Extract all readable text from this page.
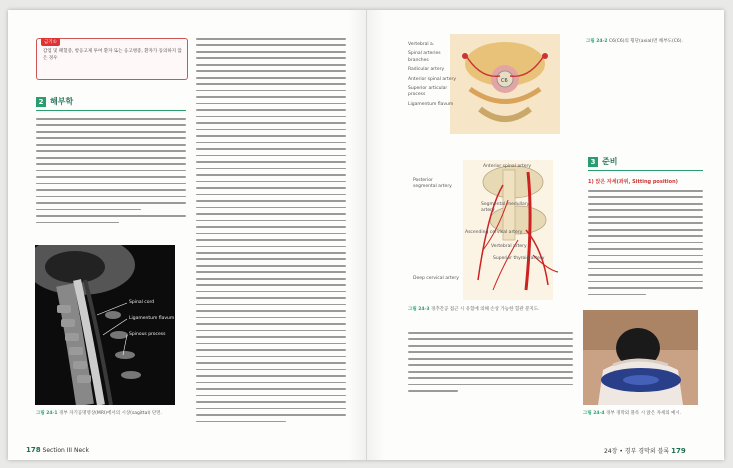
금기①
감염 및 패혈증, 항응고제 투여 환자 또는 응고병증, 환자가 동의하지 않은 경우
2 해부학
Spinal cord
Ligamentum flavum
Spinous process
그림 24-1 경부 자기공명영상(MRI)에서의 시상(sagittal) 단면.
178 Section III Neck
C6
Vertebral a.
Spinal arteries branches
Radicular artery
Anterior spinal artery
Superior articular process
Ligamentum flavum
그림 24-2 C6(C6)의 횡단(axial)면 해부도(C6).
Anterior spinal artery
Posterior segmental artery
Segmental medullary artery
Ascending cervical artery
Vertebral artery
Superior thyroid artery
Deep cervical artery
그림 24-3 경추간공 접근 시 유혈에 의해 손상 가능한 혈관 분지도.
3 준비
1) 앉은 자세(좌위, Sitting position)
그림 24-4 경부 경막외 블록 시 앉은 자세의 예시.
24장 • 경부 경막외 블록 179
